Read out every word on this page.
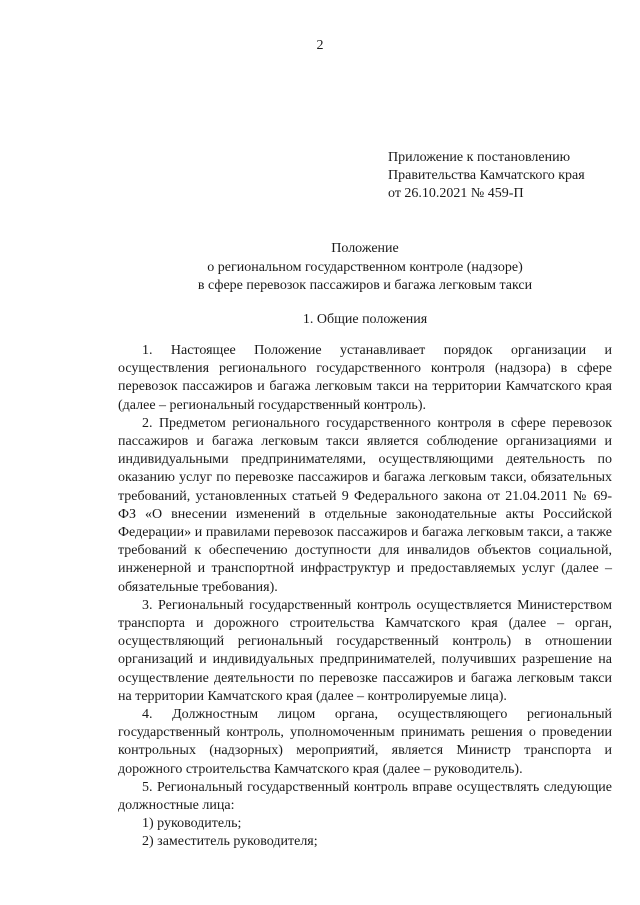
2
Приложение к постановлению
Правительства Камчатского края
от 26.10.2021 № 459-П
Положение
о региональном государственном контроле (надзоре)
в сфере перевозок пассажиров и багажа легковым такси
1. Общие положения

1. Настоящее Положение устанавливает порядок организации и осуществления регионального государственного контроля (надзора) в сфере перевозок пассажиров и багажа легковым такси на территории Камчатского края (далее – региональный государственный контроль).

2. Предметом регионального государственного контроля в сфере перевозок пассажиров и багажа легковым такси является соблюдение организациями и индивидуальными предпринимателями, осуществляющими деятельность по оказанию услуг по перевозке пассажиров и багажа легковым такси, обязательных требований, установленных статьей 9 Федерального закона от 21.04.2011 № 69-ФЗ «О внесении изменений в отдельные законодательные акты Российской Федерации» и правилами перевозок пассажиров и багажа легковым такси, а также требований к обеспечению доступности для инвалидов объектов социальной, инженерной и транспортной инфраструктур и предоставляемых услуг (далее – обязательные требования).

3. Региональный государственный контроль осуществляется Министерством транспорта и дорожного строительства Камчатского края (далее – орган, осуществляющий региональный государственный контроль) в отношении организаций и индивидуальных предпринимателей, получивших разрешение на осуществление деятельности по перевозке пассажиров и багажа легковым такси на территории Камчатского края (далее – контролируемые лица).

4. Должностным лицом органа, осуществляющего региональный государственный контроль, уполномоченным принимать решения о проведении контрольных (надзорных) мероприятий, является Министр транспорта и дорожного строительства Камчатского края (далее – руководитель).

5. Региональный государственный контроль вправе осуществлять следующие должностные лица:

1) руководитель;

2) заместитель руководителя;
